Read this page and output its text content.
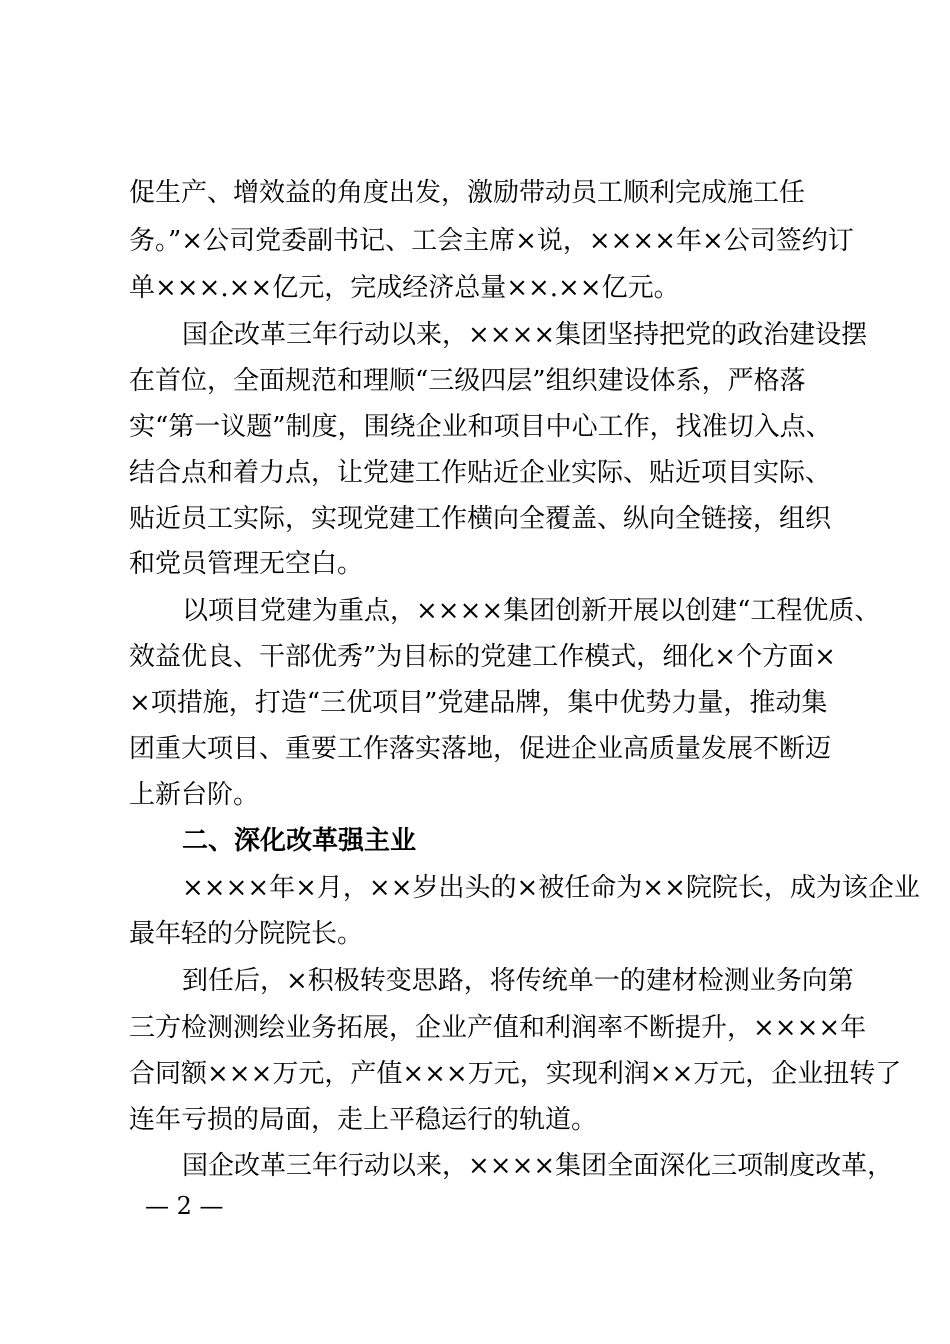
促生产、增效益的角度出发，激励带动员工顺利完成施工任
务。”×公司党委副书记、工会主席×说，××××年×公司签约订
单×××.××亿元，完成经济总量××.××亿元。
国企改革三年行动以来，××××集团坚持把党的政治建设摆
在首位，全面规范和理顺“三级四层”组织建设体系，严格落
实“第一议题”制度，围绕企业和项目中心工作，找准切入点、
结合点和着力点，让党建工作贴近企业实际、贴近项目实际、
贴近员工实际，实现党建工作横向全覆盖、纵向全链接，组织
和党员管理无空白。
以项目党建为重点，××××集团创新开展以创建“工程优质、
效益优良、干部优秀”为目标的党建工作模式，细化×个方面×
×项措施，打造“三优项目”党建品牌，集中优势力量，推动集
团重大项目、重要工作落实落地，促进企业高质量发展不断迈
上新台阶。
二、深化改革强主业
××××年×月，××岁出头的×被任命为××院院长，成为该企业
最年轻的分院院长。
到任后，×积极转变思路，将传统单一的建材检测业务向第
三方检测测绘业务拓展，企业产值和利润率不断提升，××××年
合同额×××万元，产值×××万元，实现利润××万元，企业扭转了
连年亏损的局面，走上平稳运行的轨道。
国企改革三年行动以来，××××集团全面深化三项制度改革，
— 2 —
